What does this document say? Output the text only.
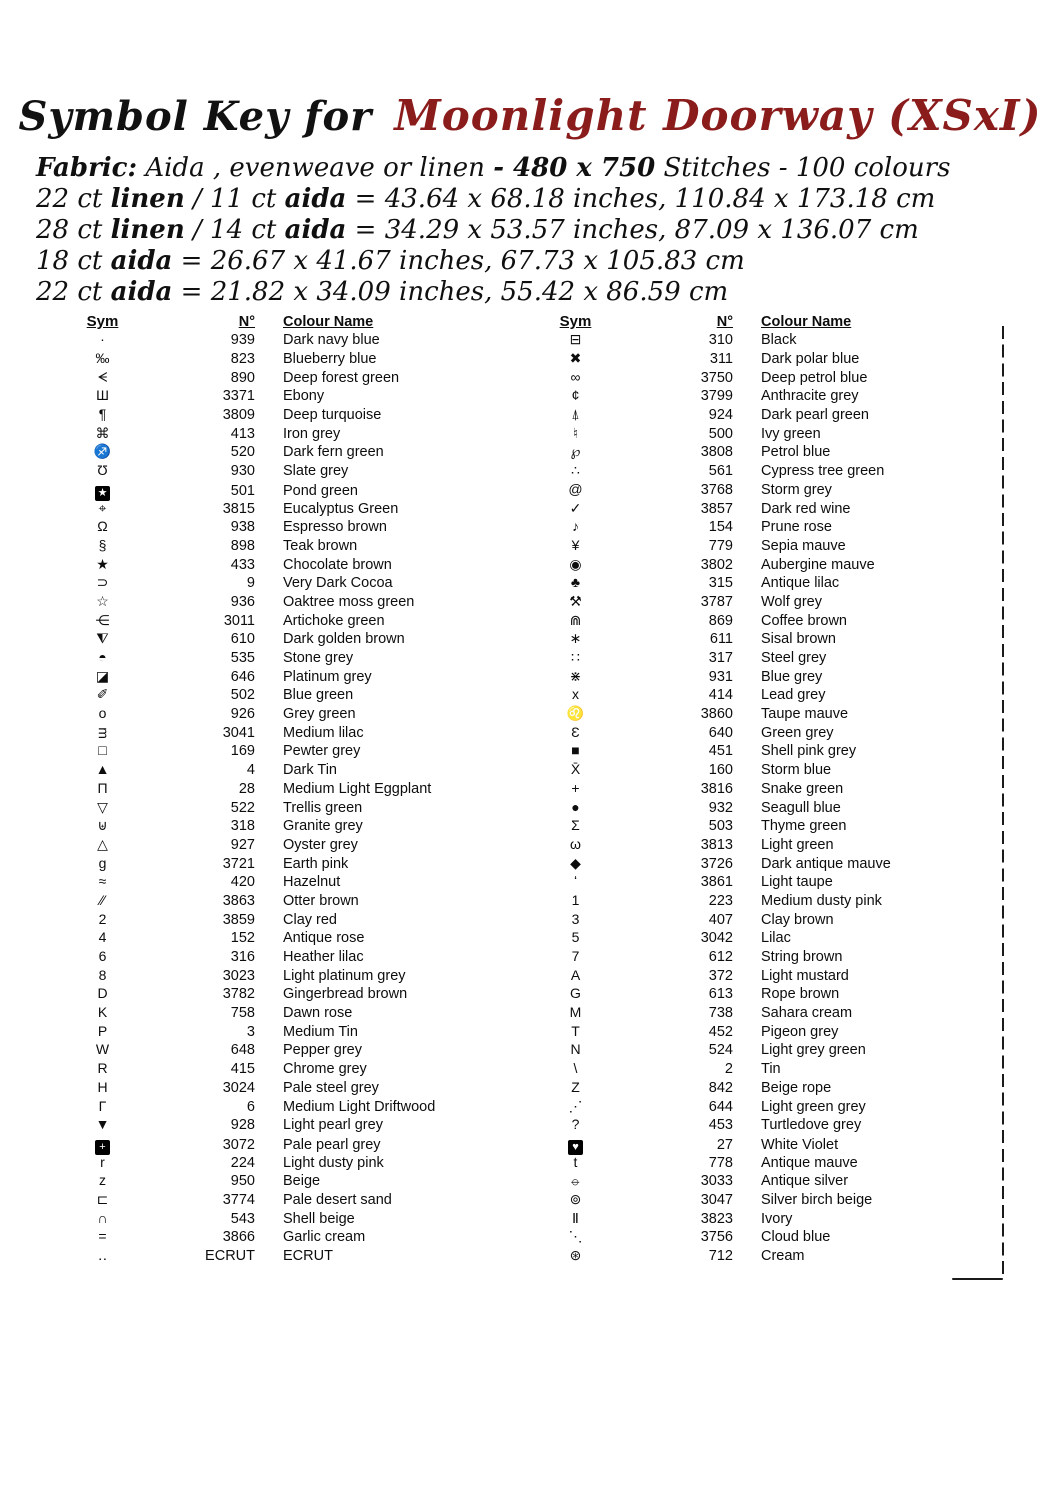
Symbol Key for Moonlight Doorway (XSxI)
Fabric: Aida , evenweave or linen - 480 x 750 Stitches - 100 colours
22 ct linen / 11 ct aida = 43.64 x 68.18 inches, 110.84 x 173.18 cm
28 ct linen / 14 ct aida = 34.29 x 53.57 inches, 87.09 x 136.07 cm
18 ct aida = 26.67 x 41.67 inches, 67.73 x 105.83 cm
22 ct aida = 21.82 x 34.09 inches, 55.42 x 86.59 cm
Sym	N°	Colour Name
·	939	Dark navy blue
‰	823	Blueberry blue
ᗕ	890	Deep forest green
Ш	3371	Ebony
¶	3809	Deep turquoise
⌘	413	Iron grey
♐	520	Dark fern green
Ʊ	930	Slate grey
★	501	Pond green
⌖	3815	Eucalyptus Green
Ω	938	Espresso brown
§	898	Teak brown
★	433	Chocolate brown
⊃	9	Very Dark Cocoa
☆	936	Oaktree moss green
⋲	3011	Artichoke green
⧨	610	Dark golden brown
◓	535	Stone grey
◪	646	Platinum grey
✐	502	Blue green
o	926	Grey green
ᴟ	3041	Medium lilac
□	169	Pewter grey
▲	4	Dark Tin
Π	28	Medium Light Eggplant
▽	522	Trellis green
⊎	318	Granite grey
△	927	Oyster grey
g	3721	Earth pink
≈	420	Hazelnut
⁄⁄	3863	Otter brown
2	3859	Clay red
4	152	Antique rose
6	316	Heather lilac
8	3023	Light platinum grey
D	3782	Gingerbread brown
K	758	Dawn rose
P	3	Medium Tin
W	648	Pepper grey
R	415	Chrome grey
H	3024	Pale steel grey
Γ	6	Medium Light Driftwood
▼	928	Light pearl grey
+	3072	Pale pearl grey
r	224	Light dusty pink
z	950	Beige
⊏	3774	Pale desert sand
∩	543	Shell beige
=	3866	Garlic cream
‥	ECRUT	ECRUT
Sym	N°	Colour Name
⊟	310	Black
✖	311	Dark polar blue
∞	3750	Deep petrol blue
¢	3799	Anthracite grey
⍋	924	Dark pearl green
♮	500	Ivy green
℘	3808	Petrol blue
∴	561	Cypress tree green
@	3768	Storm grey
✓	3857	Dark red wine
♪	154	Prune rose
¥	779	Sepia mauve
◉	3802	Aubergine mauve
♣	315	Antique lilac
⚒	3787	Wolf grey
⋒	869	Coffee brown
∗	611	Sisal brown
∷	317	Steel grey
⋇	931	Blue grey
x	414	Lead grey
♌	3860	Taupe mauve
Ɛ	640	Green grey
■	451	Shell pink grey
X̄	160	Storm blue
+	3816	Snake green
●	932	Seagull blue
Σ	503	Thyme green
ω	3813	Light green
◆	3726	Dark antique mauve
ʻ	3861	Light taupe
1	223	Medium dusty pink
3	407	Clay brown
5	3042	Lilac
7	612	String brown
A	372	Light mustard
G	613	Rope brown
M	738	Sahara cream
T	452	Pigeon grey
N	524	Light grey green
\	2	Tin
Z	842	Beige rope
⋰	644	Light green grey
?	453	Turtledove grey
♥	27	White Violet
t	778	Antique mauve
⦵	3033	Antique silver
⊚	3047	Silver birch beige
Ⅱ	3823	Ivory
⋱	3756	Cloud blue
⊛	712	Cream
